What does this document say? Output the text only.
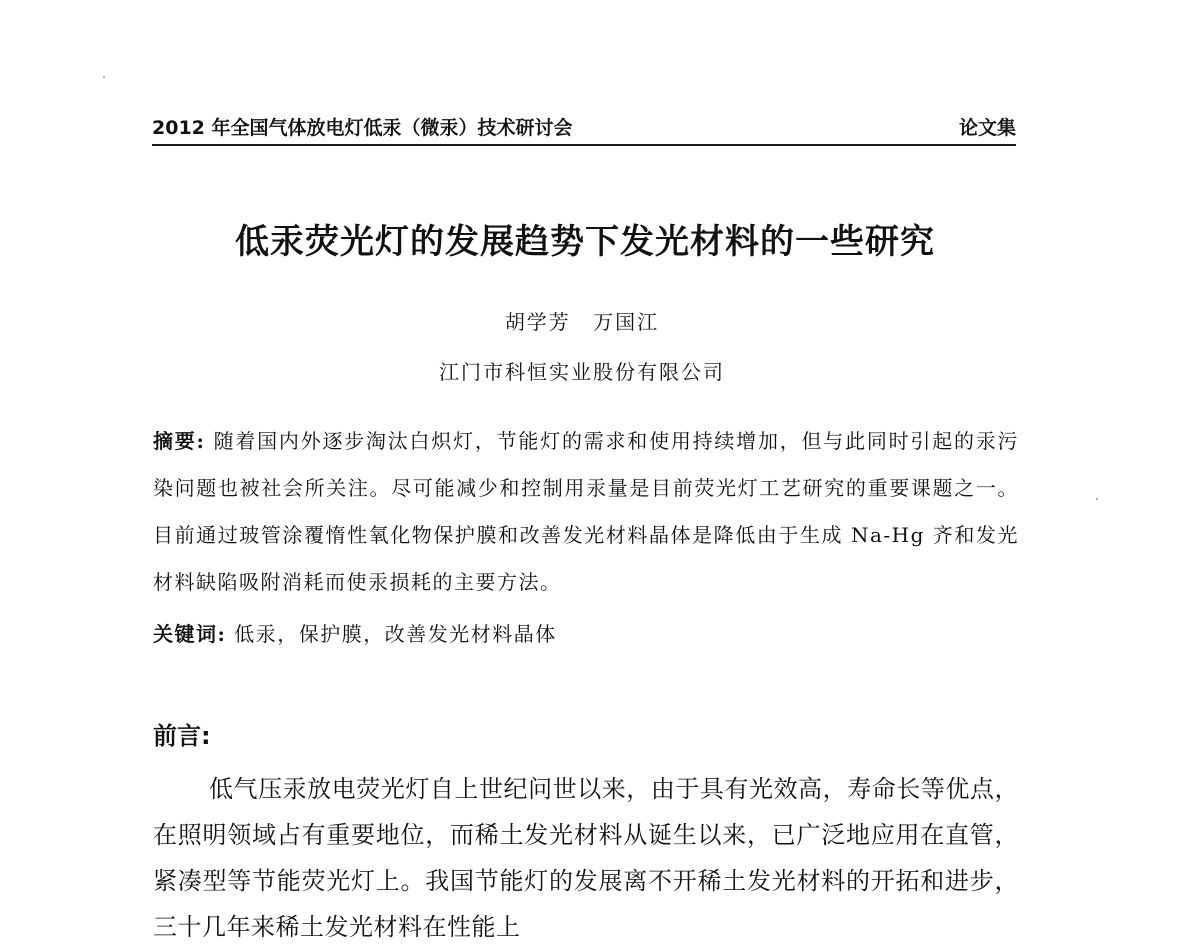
2012 年全国气体放电灯低汞（微汞）技术研讨会	论文集
低汞荧光灯的发展趋势下发光材料的一些研究
胡学芳 万国江
江门市科恒实业股份有限公司
摘要: 随着国内外逐步淘汰白炽灯，节能灯的需求和使用持续增加，但与此同时引起的汞污染问题也被社会所关注。尽可能减少和控制用汞量是目前荧光灯工艺研究的重要课题之一。目前通过玻管涂覆惰性氧化物保护膜和改善发光材料晶体是降低由于生成 Na-Hg 齐和发光材料缺陷吸附消耗而使汞损耗的主要方法。
关键词: 低汞，保护膜，改善发光材料晶体
前言:
低气压汞放电荧光灯自上世纪问世以来，由于具有光效高，寿命长等优点，在照明领域占有重要地位，而稀土发光材料从诞生以来，已广泛地应用在直管，紧凑型等节能荧光灯上。我国节能灯的发展离不开稀土发光材料的开拓和进步，三十几年来稀土发光材料在性能上
